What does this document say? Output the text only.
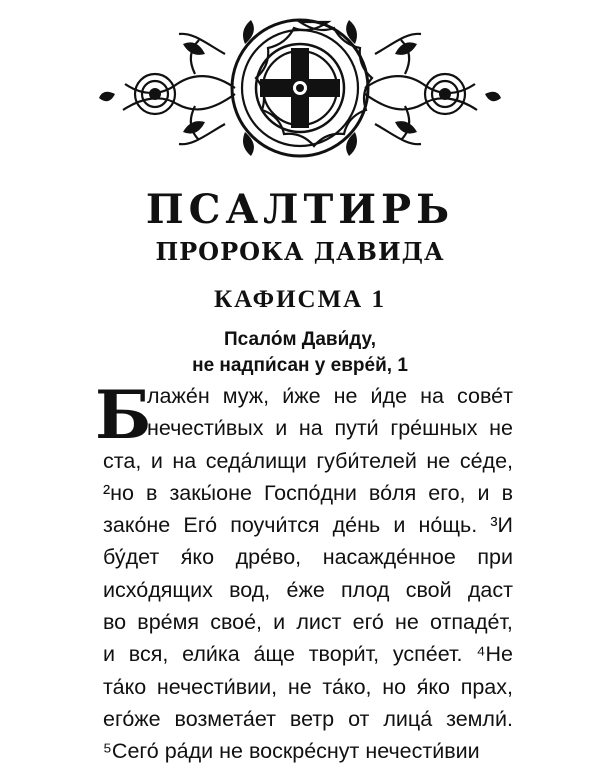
ПСАЛТИРЬ
ПРОРОКА ДАВИДА
КАФИСМА 1
Псало́м Дави́ду,
не надпи́сан у евре́й, 1
Б
лаже́н муж, и́же не и́де на сове́т
нечести́вых и на пути́ гре́шных не
ста, и на седа́лищи губи́телей не се́де,
²но в закы́оне Госпо́дни во́ля его, и в
зако́не Его́ поучи́тся де́нь и но́щь. ³И
бу́дет я́ко дре́во, насажде́нное при
исхо́дящих вод, е́же плод свой даст
во вре́мя свое́, и лист его́ не отпаде́т,
и вся, ели́ка а́ще твори́т, успе́ет. ⁴Не
та́ко нечести́вии, не та́ко, но я́ко прах,
его́же возмета́ет ветр от лица́ земли́.
⁵Сего́ ра́ди не воскре́снут нечести́вии
